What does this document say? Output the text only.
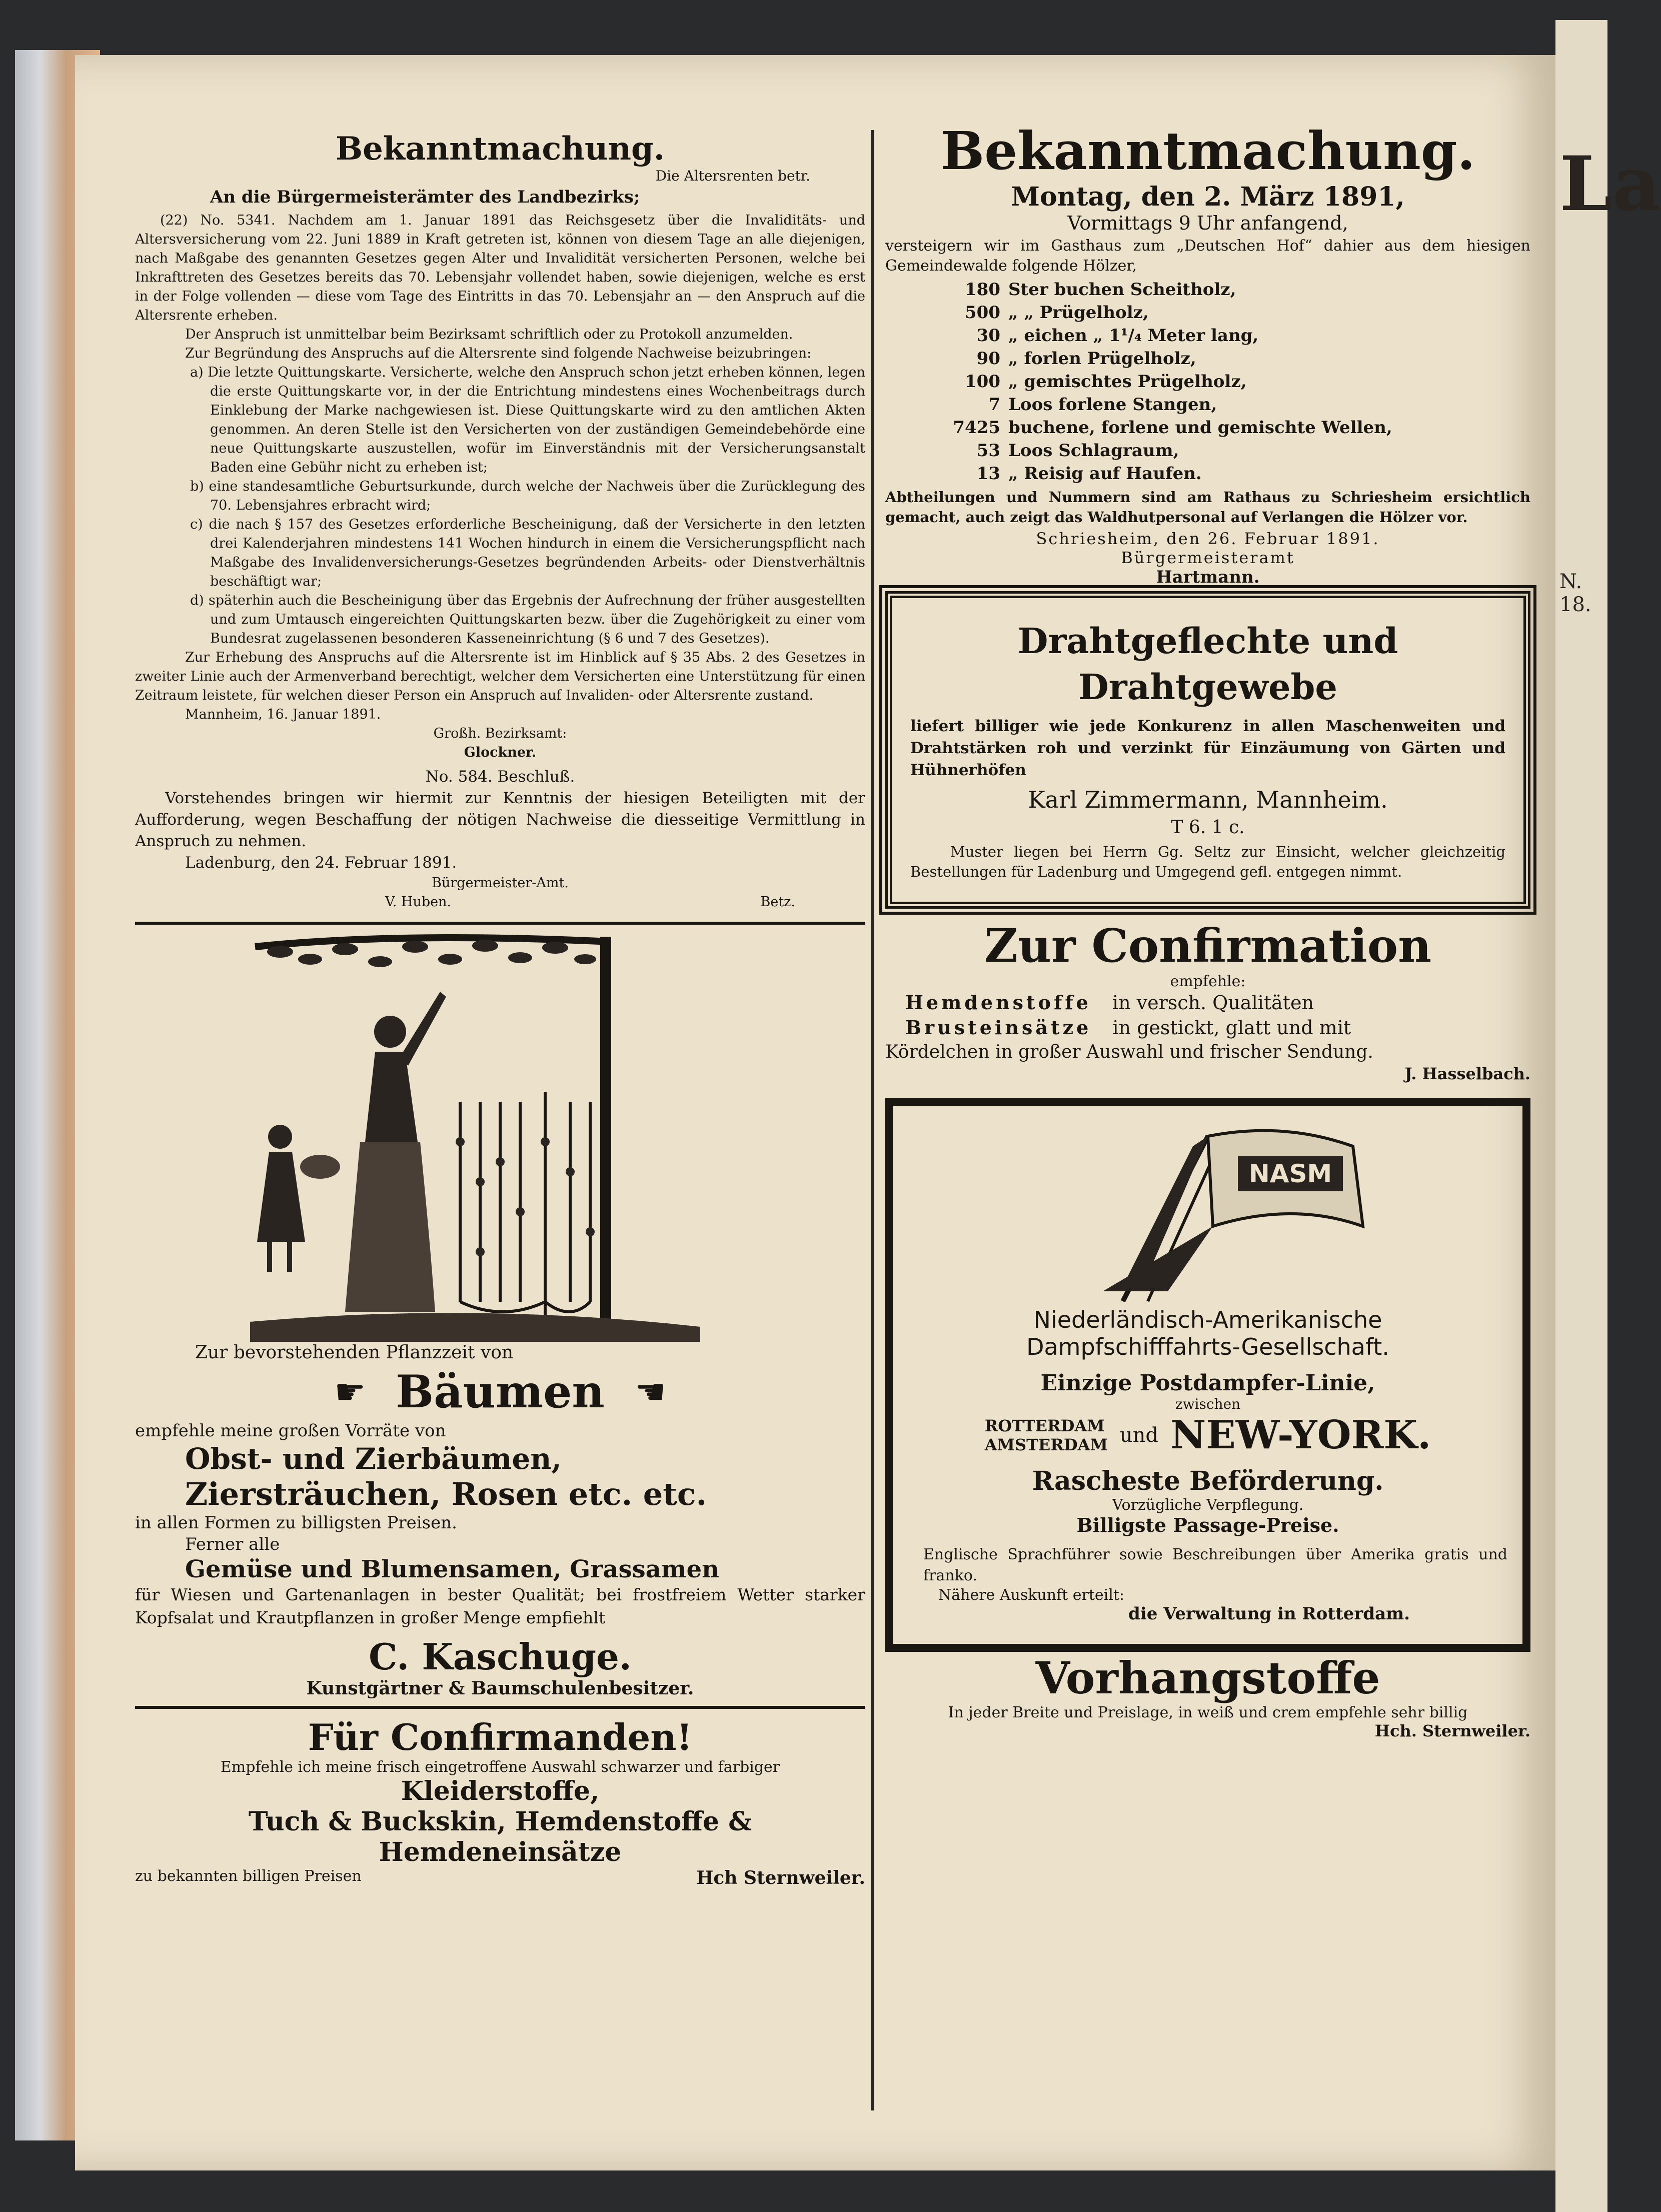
La
N. 18.
Bekanntmachung.
Die Altersrenten betr.
An die Bürgermeisterämter des Landbezirks;

(22) No. 5341. Nachdem am 1. Januar 1891 das Reichsgesetz über die Invaliditäts- und Altersversicherung vom 22. Juni 1889 in Kraft getreten ist, können von diesem Tage an alle diejenigen, nach Maßgabe des genannten Gesetzes gegen Alter und Invalidität versicherten Personen, welche bei Inkrafttreten des Gesetzes bereits das 70. Lebensjahr vollendet haben, sowie diejenigen, welche es erst in der Folge vollenden — diese vom Tage des Eintritts in das 70. Lebensjahr an — den Anspruch auf die Altersrente erheben.

Der Anspruch ist unmittelbar beim Bezirksamt schriftlich oder zu Protokoll anzumelden.

Zur Begründung des Anspruchs auf die Altersrente sind folgende Nachweise beizubringen:

a) Die letzte Quittungskarte. Versicherte, welche den Anspruch schon jetzt erheben können, legen die erste Quittungskarte vor, in der die Entrichtung mindestens eines Wochenbeitrags durch Einklebung der Marke nachgewiesen ist. Diese Quittungskarte wird zu den amtlichen Akten genommen. An deren Stelle ist den Versicherten von der zuständigen Gemeindebehörde eine neue Quittungskarte auszustellen, wofür im Einverständnis mit der Versicherungsanstalt Baden eine Gebühr nicht zu erheben ist;
b) eine standesamtliche Geburtsurkunde, durch welche der Nachweis über die Zurücklegung des 70. Lebensjahres erbracht wird;
c) die nach § 157 des Gesetzes erforderliche Bescheinigung, daß der Versicherte in den letzten drei Kalenderjahren mindestens 141 Wochen hindurch in einem die Versicherungspflicht nach Maßgabe des Invalidenversicherungs-Gesetzes begründenden Arbeits- oder Dienstverhältnis beschäftigt war;
d) späterhin auch die Bescheinigung über das Ergebnis der Aufrechnung der früher ausgestellten und zum Umtausch eingereichten Quittungskarten bezw. über die Zugehörigkeit zu einer vom Bundesrat zugelassenen besonderen Kasseneinrichtung (§ 6 und 7 des Gesetzes).

Zur Erhebung des Anspruchs auf die Altersrente ist im Hinblick auf § 35 Abs. 2 des Gesetzes in zweiter Linie auch der Armenverband berechtigt, welcher dem Versicherten eine Unterstützung für einen Zeitraum leistete, für welchen dieser Person ein Anspruch auf Invaliden- oder Altersrente zustand.

Mannheim, 16. Januar 1891.
Großh. Bezirksamt:
Glockner.
No. 584. Beschluß.

Vorstehendes bringen wir hiermit zur Kenntnis der hiesigen Beteiligten mit der Aufforderung, wegen Beschaffung der nötigen Nachweise die diesseitige Vermittlung in Anspruch zu nehmen.

Ladenburg, den 24. Februar 1891.
Bürgermeister-Amt.
V. Huben.	Betz.
Zur bevorstehenden Pflanzzeit von
☛ Bäumen ☛
empfehle meine großen Vorräte von
Obst- und Zierbäumen,
Ziersträuchen, Rosen etc. etc.
in allen Formen zu billigsten Preisen.
Ferner alle
Gemüse und Blumensamen, Grassamen

für Wiesen und Gartenanlagen in bester Qualität; bei frostfreiem Wetter starker Kopfsalat und Krautpflanzen in großer Menge empfiehlt

C. Kaschuge.
Kunstgärtner & Baumschulenbesitzer.
Für Confirmanden!
Empfehle ich meine frisch eingetroffene Auswahl schwarzer und farbiger
Kleiderstoffe,
Tuch & Buckskin, Hemdenstoffe &
Hemdeneinsätze
zu bekannten billigen Preisen	Hch Sternweiler.
Bekanntmachung.
Montag, den 2. März 1891,
Vormittags 9 Uhr anfangend,

versteigern wir im Gasthaus zum „Deutschen Hof“ dahier aus dem hiesigen Gemeindewalde folgende Hölzer,

180 Ster buchen Scheitholz,
500 „ „ Prügelholz,
30 „ eichen „ 1¹/₄ Meter lang,
90 „ forlen Prügelholz,
100 „ gemischtes Prügelholz,
7 Loos forlene Stangen,
7425 buchene, forlene und gemischte Wellen,
53 Loos Schlagraum,
13 „ Reisig auf Haufen.

Abtheilungen und Nummern sind am Rathaus zu Schriesheim ersichtlich gemacht, auch zeigt das Waldhutpersonal auf Verlangen die Hölzer vor.

Schriesheim, den 26. Februar 1891.
Bürgermeisteramt
Hartmann.
Drahtgeflechte und
Drahtgewebe

liefert billiger wie jede Konkurenz in allen Maschenweiten und Drahtstärken roh und verzinkt für Einzäumung von Gärten und Hühnerhöfen

Karl Zimmermann, Mannheim.
T 6. 1 c.

Muster liegen bei Herrn Gg. Seltz zur Einsicht, welcher gleichzeitig Bestellungen für Ladenburg und Umgegend gefl. entgegen nimmt.

Zur Confirmation
empfehle:
Hemdenstoffe in versch. Qualitäten
Brusteinsätze in gestickt, glatt und mit
Kördelchen in großer Auswahl und frischer Sendung.
J. Hasselbach.
NASM
Niederländisch-Amerikanische
Dampfschifffahrts-Gesellschaft.
Einzige Postdampfer-Linie,
zwischen
ROTTERDAM
AMSTERDAM und NEW-YORK.
Rascheste Beförderung.
Vorzügliche Verpflegung.
Billigste Passage-Preise.

Englische Sprachführer sowie Beschreibungen über Amerika gratis und franko.

Nähere Auskunft erteilt:
die Verwaltung in Rotterdam.
Vorhangstoffe
In jeder Breite und Preislage, in weiß und crem empfehle sehr billig
Hch. Sternweiler.
